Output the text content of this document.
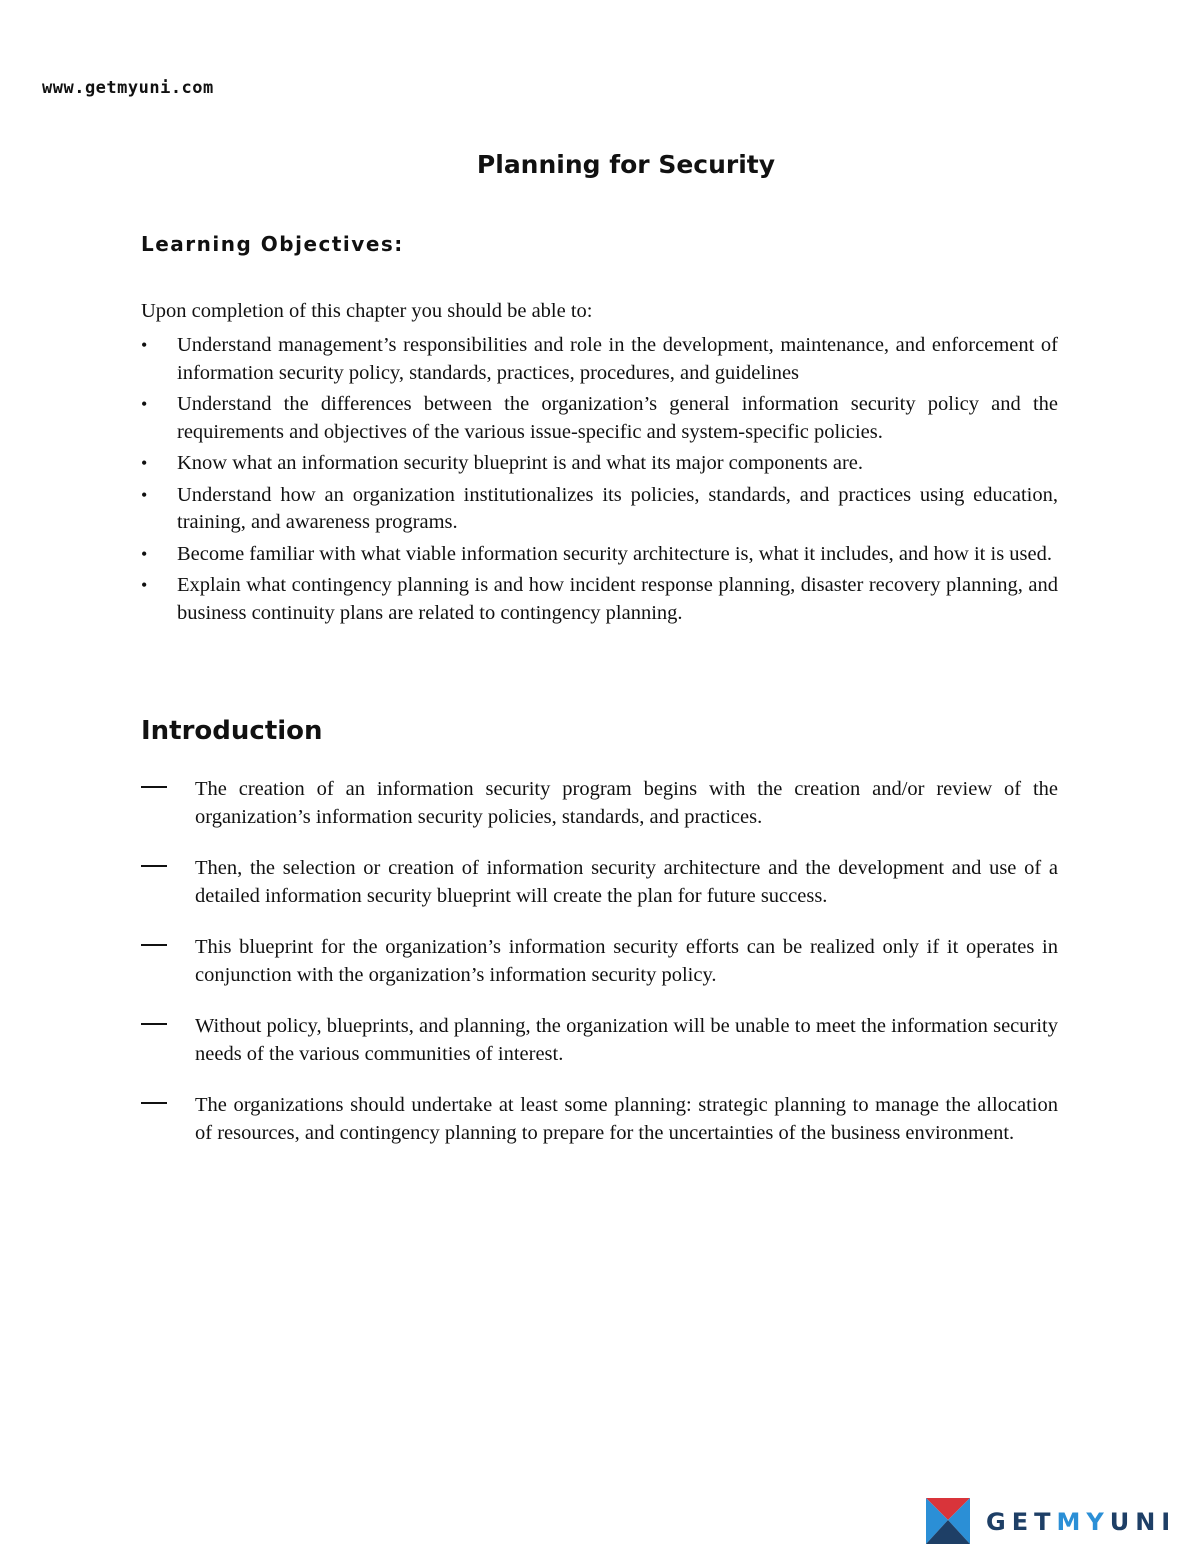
www.getmyuni.com
Planning for Security
Learning Objectives:
Upon completion of this chapter you should be able to:
•	Understand management’s responsibilities and role in the development, maintenance, and enforcement of information security policy, standards, practices, procedures, and guidelines
•	Understand the differences between the organization’s general information security policy and the requirements and objectives of the various issue-specific and system-specific policies.
•	Know what an information security blueprint is and what its major components are.
•	Understand how an organization institutionalizes its policies, standards, and practices using education, training, and awareness programs.
•	Become familiar with what viable information security architecture is, what it includes, and how it is used.
•	Explain what contingency planning is and how incident response planning, disaster recovery planning, and business continuity plans are related to contingency planning.
Introduction
The creation of an information security program begins with the creation and/or review of the organization’s information security policies, standards, and practices.
Then, the selection or creation of information security architecture and the development and use of a detailed information security blueprint will create the plan for future success.
This blueprint for the organization’s information security efforts can be realized only if it operates in conjunction with the organization’s information security policy.
Without policy, blueprints, and planning, the organization will be unable to meet the information security needs of the various communities of interest.
The organizations should undertake at least some planning: strategic planning to manage the allocation of resources, and contingency planning to prepare for the uncertainties of the business environment.
GETMYUNI
